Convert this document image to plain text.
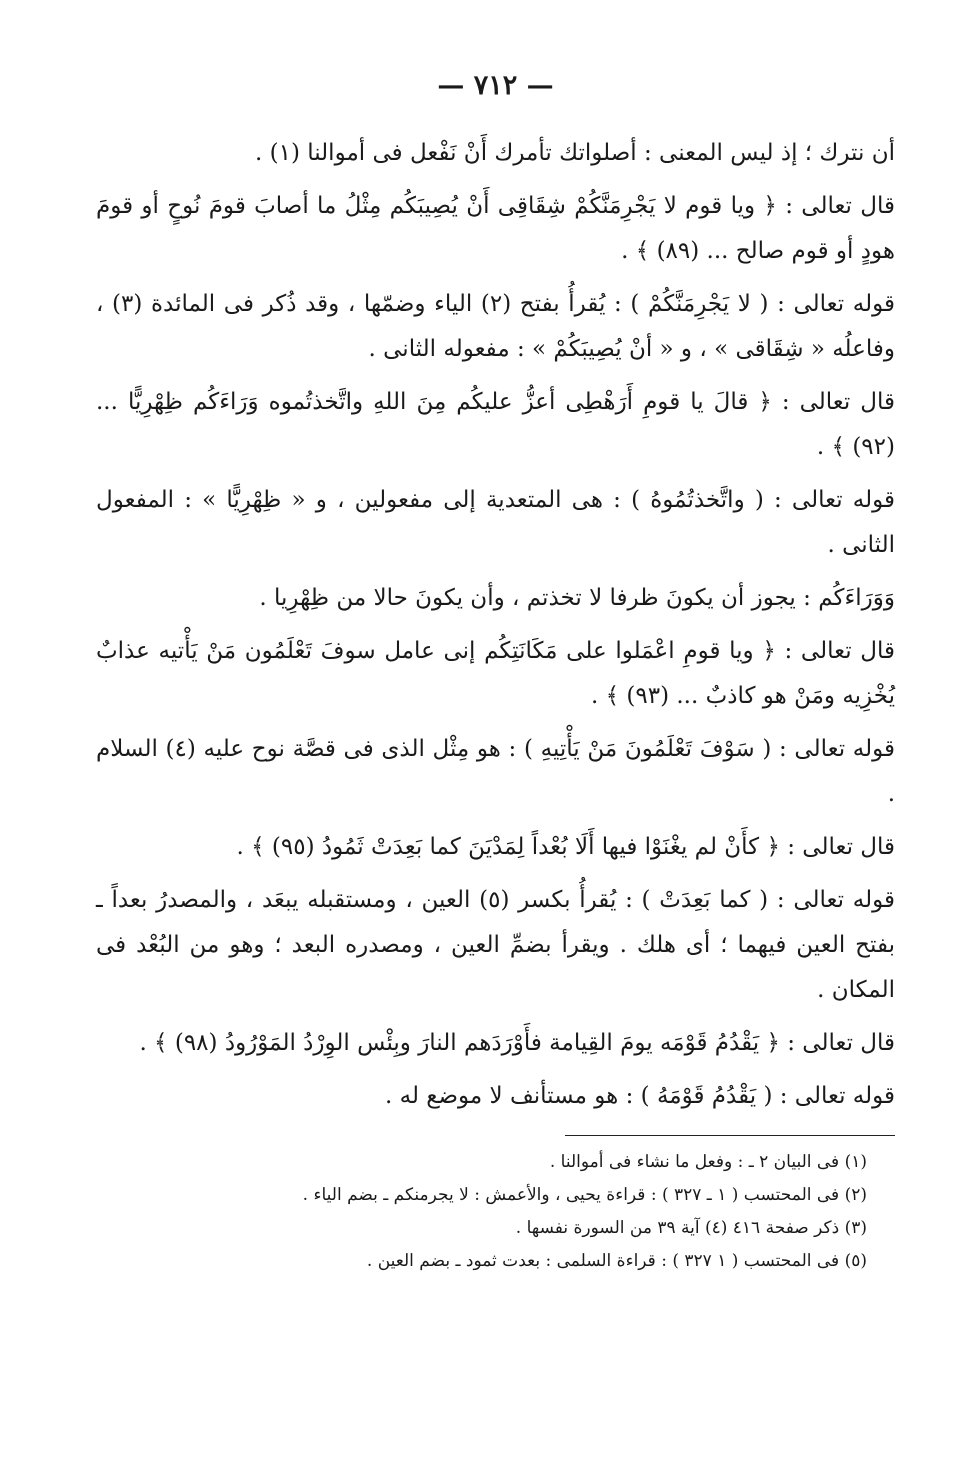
— ٧١٢ —

أن نترك ؛ إذ ليس المعنى : أصلواتك تأمرك أَنْ نَفْعل فى أموالنا (١) .

قال تعالى : ﴿ ويا قوم لا يَجْرِمَنَّكُمْ شِقَاقِى أَنْ يُصِيبَكُم مِثْلُ ما أصابَ قومَ نُوحٍ أو قومَ هودٍ أو قوم صالح ... (٨٩) ﴾ .

قوله تعالى : ( لا يَجْرِمَنَّكُمْ ) : يُقرأُ بفتح (٢) الياء وضمّها ، وقد ذُكر فى المائدة (٣) ، وفاعلُه « شِقَاقى » ، و « أنْ يُصِيبَكُمْ » : مفعوله الثانى .

قال تعالى : ﴿ قالَ يا قومِ أَرَهْطِى أعزُّ عليكُم مِنَ اللهِ واتَّخذتُموه وَرَاءَكُم ظِهْرِيًّا ... (٩٢) ﴾ .

قوله تعالى : ( واتَّخذتُمُوهُ ) : هى المتعدية إلى مفعولين ، و « ظِهْرِيًّا » : المفعول الثانى .

وَوَرَاءَكُم : يجوز أن يكونَ ظرفا لا تخذتم ، وأن يكونَ حالا من ظِهْرِيا .

قال تعالى : ﴿ ويا قومِ اعْمَلوا على مَكَانَتِكُم إنى عامل سوفَ تَعْلَمُون مَنْ يَأْتيه عذابٌ يُخْزِيه ومَنْ هو كاذبٌ ... (٩٣) ﴾ .

قوله تعالى : ( سَوْفَ تَعْلَمُونَ مَنْ يَأْتِيهِ ) : هو مِثْل الذى فى قصَّة نوح عليه (٤) السلام .

قال تعالى : ﴿ كأَنْ لم يغْنَوْا فيها أَلَا بُعْداً لِمَدْيَنَ كما بَعِدَتْ ثَمُودُ (٩٥) ﴾ .

قوله تعالى : ( كما بَعِدَتْ ) : يُقرأُ بكسر (٥) العين ، ومستقبله يبعَد ، والمصدرُ بعداً ـ بفتح العين فيهما ؛ أى هلك . ويقرأ بضمِّ العين ، ومصدره البعد ؛ وهو من البُعْد فى المكان .

قال تعالى : ﴿ يَقْدُمُ قَوْمَه يومَ القِيامة فأَوْرَدَهم النارَ وبِئْس الوِرْدُ المَوْرُودُ (٩٨) ﴾ .

قوله تعالى : ( يَقْدُمُ قَوْمَهُ ) : هو مستأنف لا موضع له .

(١) فى البيان ٢ ـ : وفعل ما نشاء فى أموالنا .

(٢) فى المحتسب ( ١ ـ ٣٢٧ ) : قراءة يحيى ، والأعمش : لا يجرمنكم ـ بضم الياء .

(٣) ذكر صفحة ٤١٦ (٤) آية ٣٩ من السورة نفسها .

(٥) فى المحتسب ( ١ ٣٢٧ ) : قراءة السلمى : بعدت ثمود ـ بضم العين .
